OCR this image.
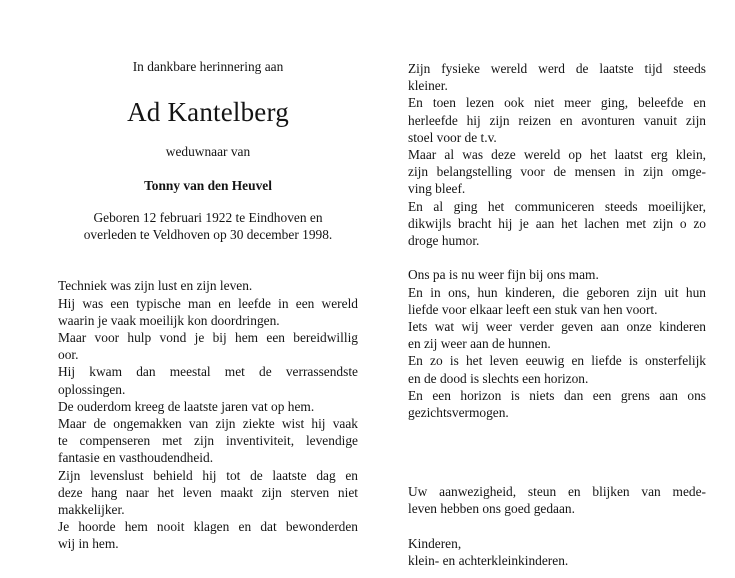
In dankbare herinnering aan
Ad Kantelberg
weduwnaar van
Tonny van den Heuvel
Geboren 12 februari 1922 te Eindhoven en
overleden te Veldhoven op 30 december 1998.
Techniek was zijn lust en zijn leven.
Hij was een typische man en leefde in een wereld
waarin je vaak moeilijk kon doordringen.
Maar voor hulp vond je bij hem een bereidwillig
oor.
Hij kwam dan meestal met de verrassendste
oplossingen.
De ouderdom kreeg de laatste jaren vat op hem.
Maar de ongemakken van zijn ziekte wist hij vaak
te compenseren met zijn inventiviteit, levendige
fantasie en vasthoudendheid.
Zijn levenslust behield hij tot de laatste dag en
deze hang naar het leven maakt zijn sterven niet
makkelijker.
Je hoorde hem nooit klagen en dat bewonderden
wij in hem.
Zijn fysieke wereld werd de laatste tijd steeds
kleiner.
En toen lezen ook niet meer ging, beleefde en
herleefde hij zijn reizen en avonturen vanuit zijn
stoel voor de t.v.
Maar al was deze wereld op het laatst erg klein,
zijn belangstelling voor de mensen in zijn omge-
ving bleef.
En al ging het communiceren steeds moeilijker,
dikwijls bracht hij je aan het lachen met zijn o zo
droge humor.
Ons pa is nu weer fijn bij ons mam.
En in ons, hun kinderen, die geboren zijn uit hun
liefde voor elkaar leeft een stuk van hen voort.
Iets wat wij weer verder geven aan onze kinderen
en zij weer aan de hunnen.
En zo is het leven eeuwig en liefde is onsterfelijk
en de dood is slechts een horizon.
En een horizon is niets dan een grens aan ons
gezichtsvermogen.
Uw aanwezigheid, steun en blijken van mede-
leven hebben ons goed gedaan.
Kinderen,
klein- en achterkleinkinderen.
